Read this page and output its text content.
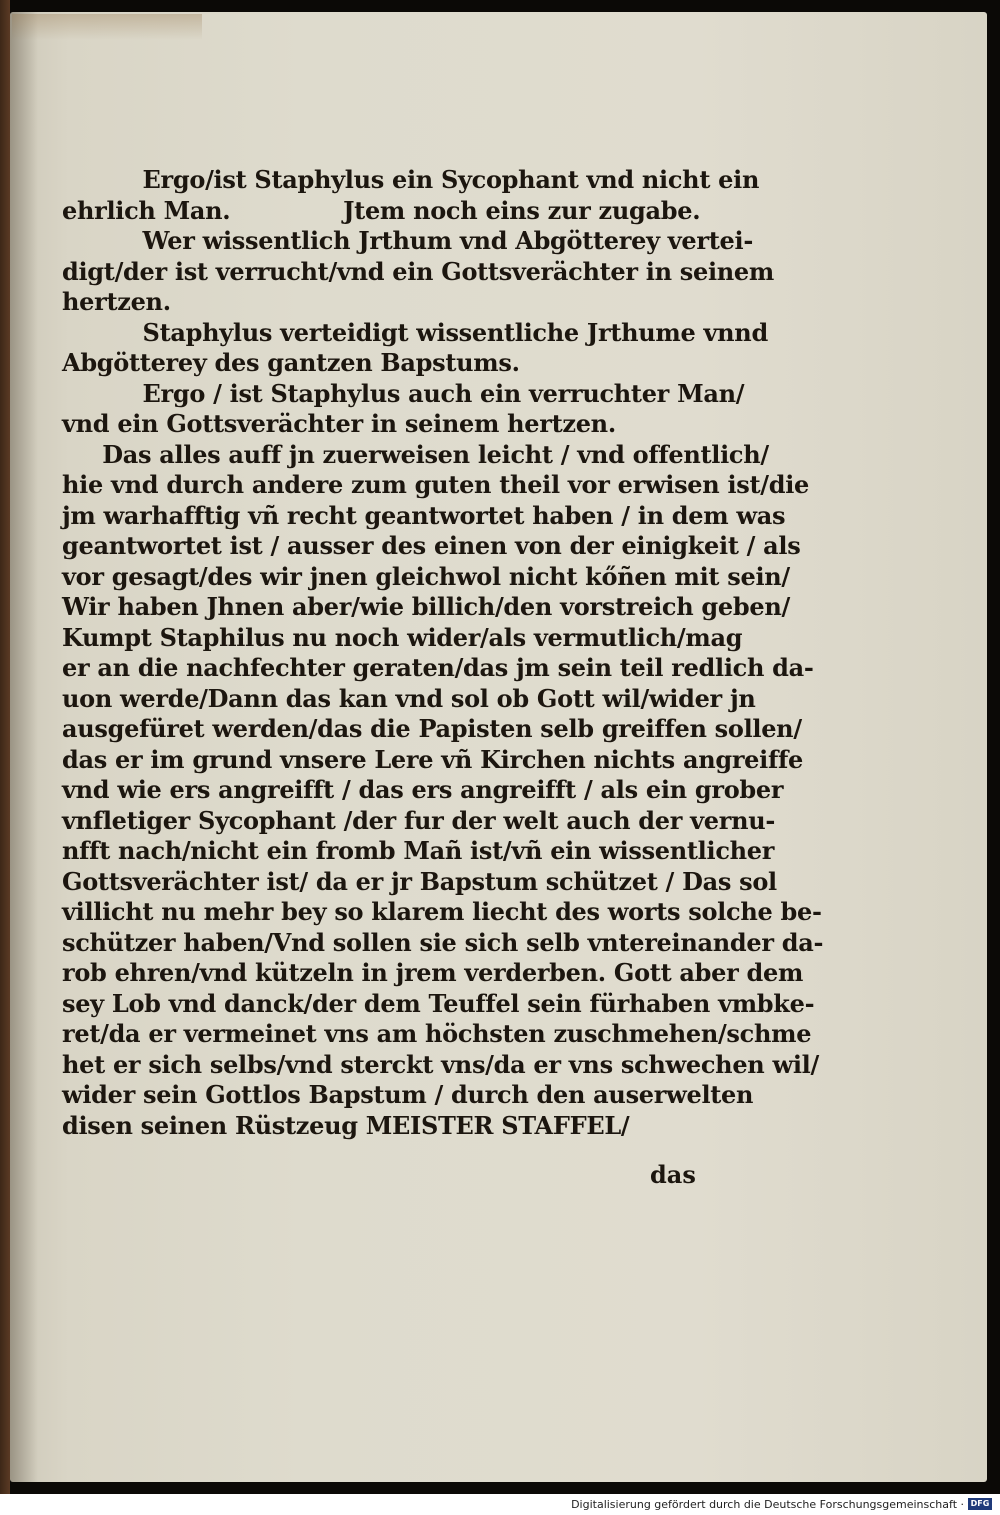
Ergo/ist Staphylus ein Sycophant vnd nicht ein
ehrlich Man.              Jtem noch eins zur zugabe.
Wer wissentlich Jrthum vnd Abgötterey vertei-
digt/der ist verrucht/vnd ein Gottsverächter in seinem
hertzen.
Staphylus verteidigt wissentliche Jrthume vnnd
Abgötterey des gantzen Bapstums.
Ergo / ist Staphylus auch ein verruchter Man/
vnd ein Gottsverächter in seinem hertzen.
Das alles auff jn zuerweisen leicht / vnd offentlich/
hie vnd durch andere zum guten theil vor erwisen ist/die
jm warhafftig vñ recht geantwortet haben / in dem was
geantwortet ist / ausser des einen von der einigkeit / als
vor gesagt/des wir jnen gleichwol nicht kőñen mit sein/
Wir haben Jhnen aber/wie billich/den vorstreich geben/
Kumpt Staphilus nu noch wider/als vermutlich/mag
er an die nachfechter geraten/das jm sein teil redlich da-
uon werde/Dann das kan vnd sol ob Gott wil/wider jn
ausgefüret werden/das die Papisten selb greiffen sollen/
das er im grund vnsere Lere vñ Kirchen nichts angreiffe
vnd wie ers angreifft / das ers angreifft / als ein grober
vnfletiger Sycophant /der fur der welt auch der vernu-
nfft nach/nicht ein fromb Mañ ist/vñ ein wissentlicher
Gottsverächter ist/ da er jr Bapstum schützet / Das sol
villicht nu mehr bey so klarem liecht des worts solche be-
schützer haben/Vnd sollen sie sich selb vntereinander da-
rob ehren/vnd kützeln in jrem verderben. Gott aber dem
sey Lob vnd danck/der dem Teuffel sein fürhaben vmbke-
ret/da er vermeinet vns am höchsten zuschmehen/schme
het er sich selbs/vnd sterckt vns/da er vns schwechen wil/
wider sein Gottlos Bapstum / durch den auserwelten
disen seinen Rüstzeug MEISTER STAFFEL/
das
Digitalisierung gefördert durch die Deutsche Forschungsgemeinschaft · DFG
